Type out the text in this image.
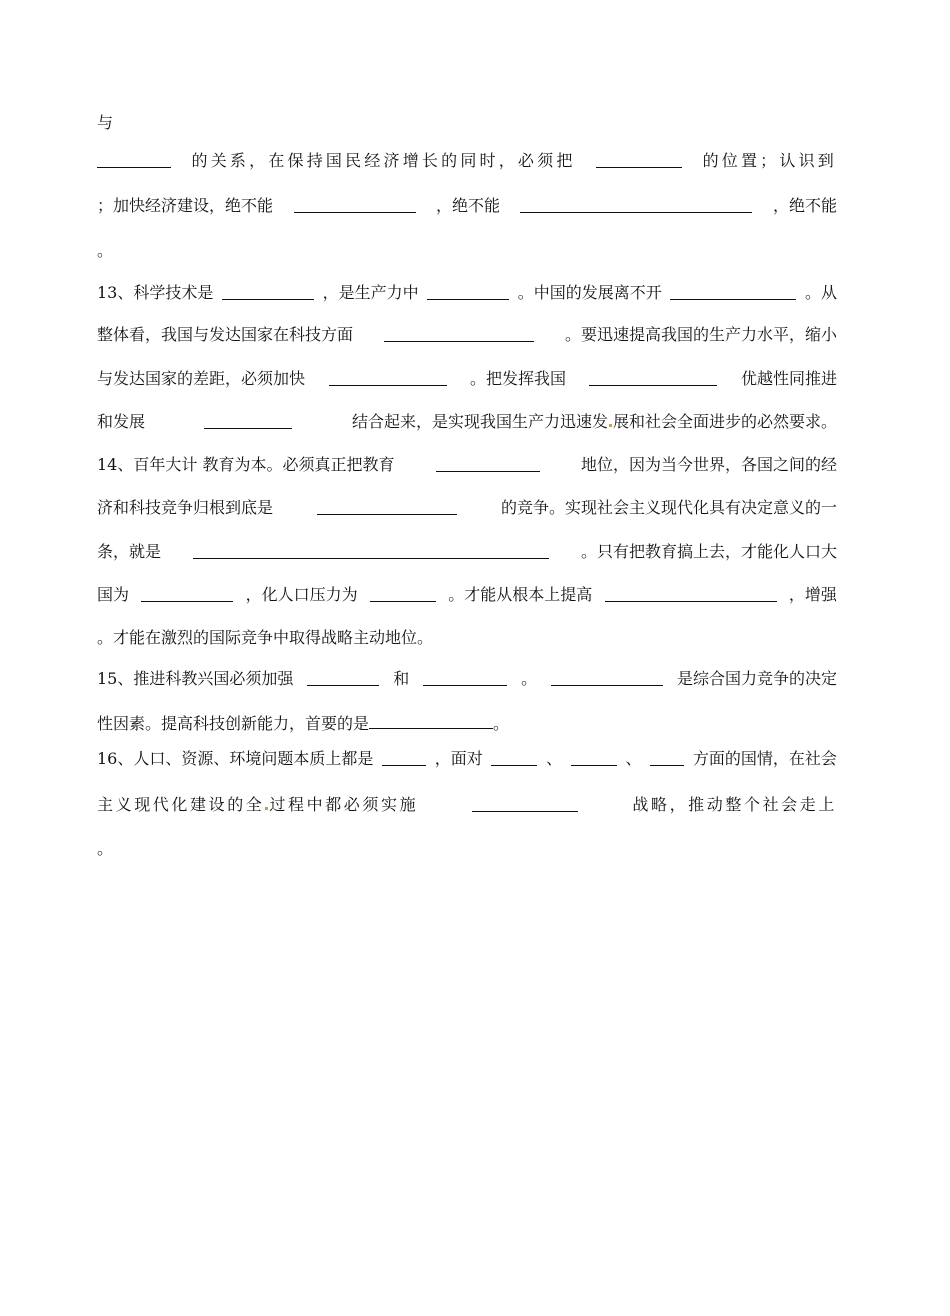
与
的关系，在保持国民经济增长的同时，必须把	的位置；认识到
；加快经济建设，绝不能	，绝不能	，绝不能
。
13、科学技术是	，是生产力中	。中国的发展离不开	。从
整体看，我国与发达国家在科技方面	。要迅速提高我国的生产力水平，缩小
与发达国家的差距，必须加快	。把发挥我国	优越性同推进
和发展	结合起来，是实现我国生产力迅速发 展和社会全面进步的必然要求。
14、百年大计 教育为本。必须真正把教育	地位，因为当今世界，各国之间的经
济和科技竞争归根到底是	的竞争。实现社会主义现代化具有决定意义的一
条，就是	。只有把教育搞上去，才能化人口大
国为	，化人口压力为	。才能从根本上提高	，增强
。才能在激烈的国际竞争中取得战略主动地位。
15、推进科教兴国必须加强	和	。	是综合国力竞争的决定
性因素。提高科技创新能力，首要的是	。
16、人口、资源、环境问题本质上都是	，面对	、	、	方面的国情，在社会
主义现代化建设的全 过程中都必须实施	战略，推动整个社会走上
。
